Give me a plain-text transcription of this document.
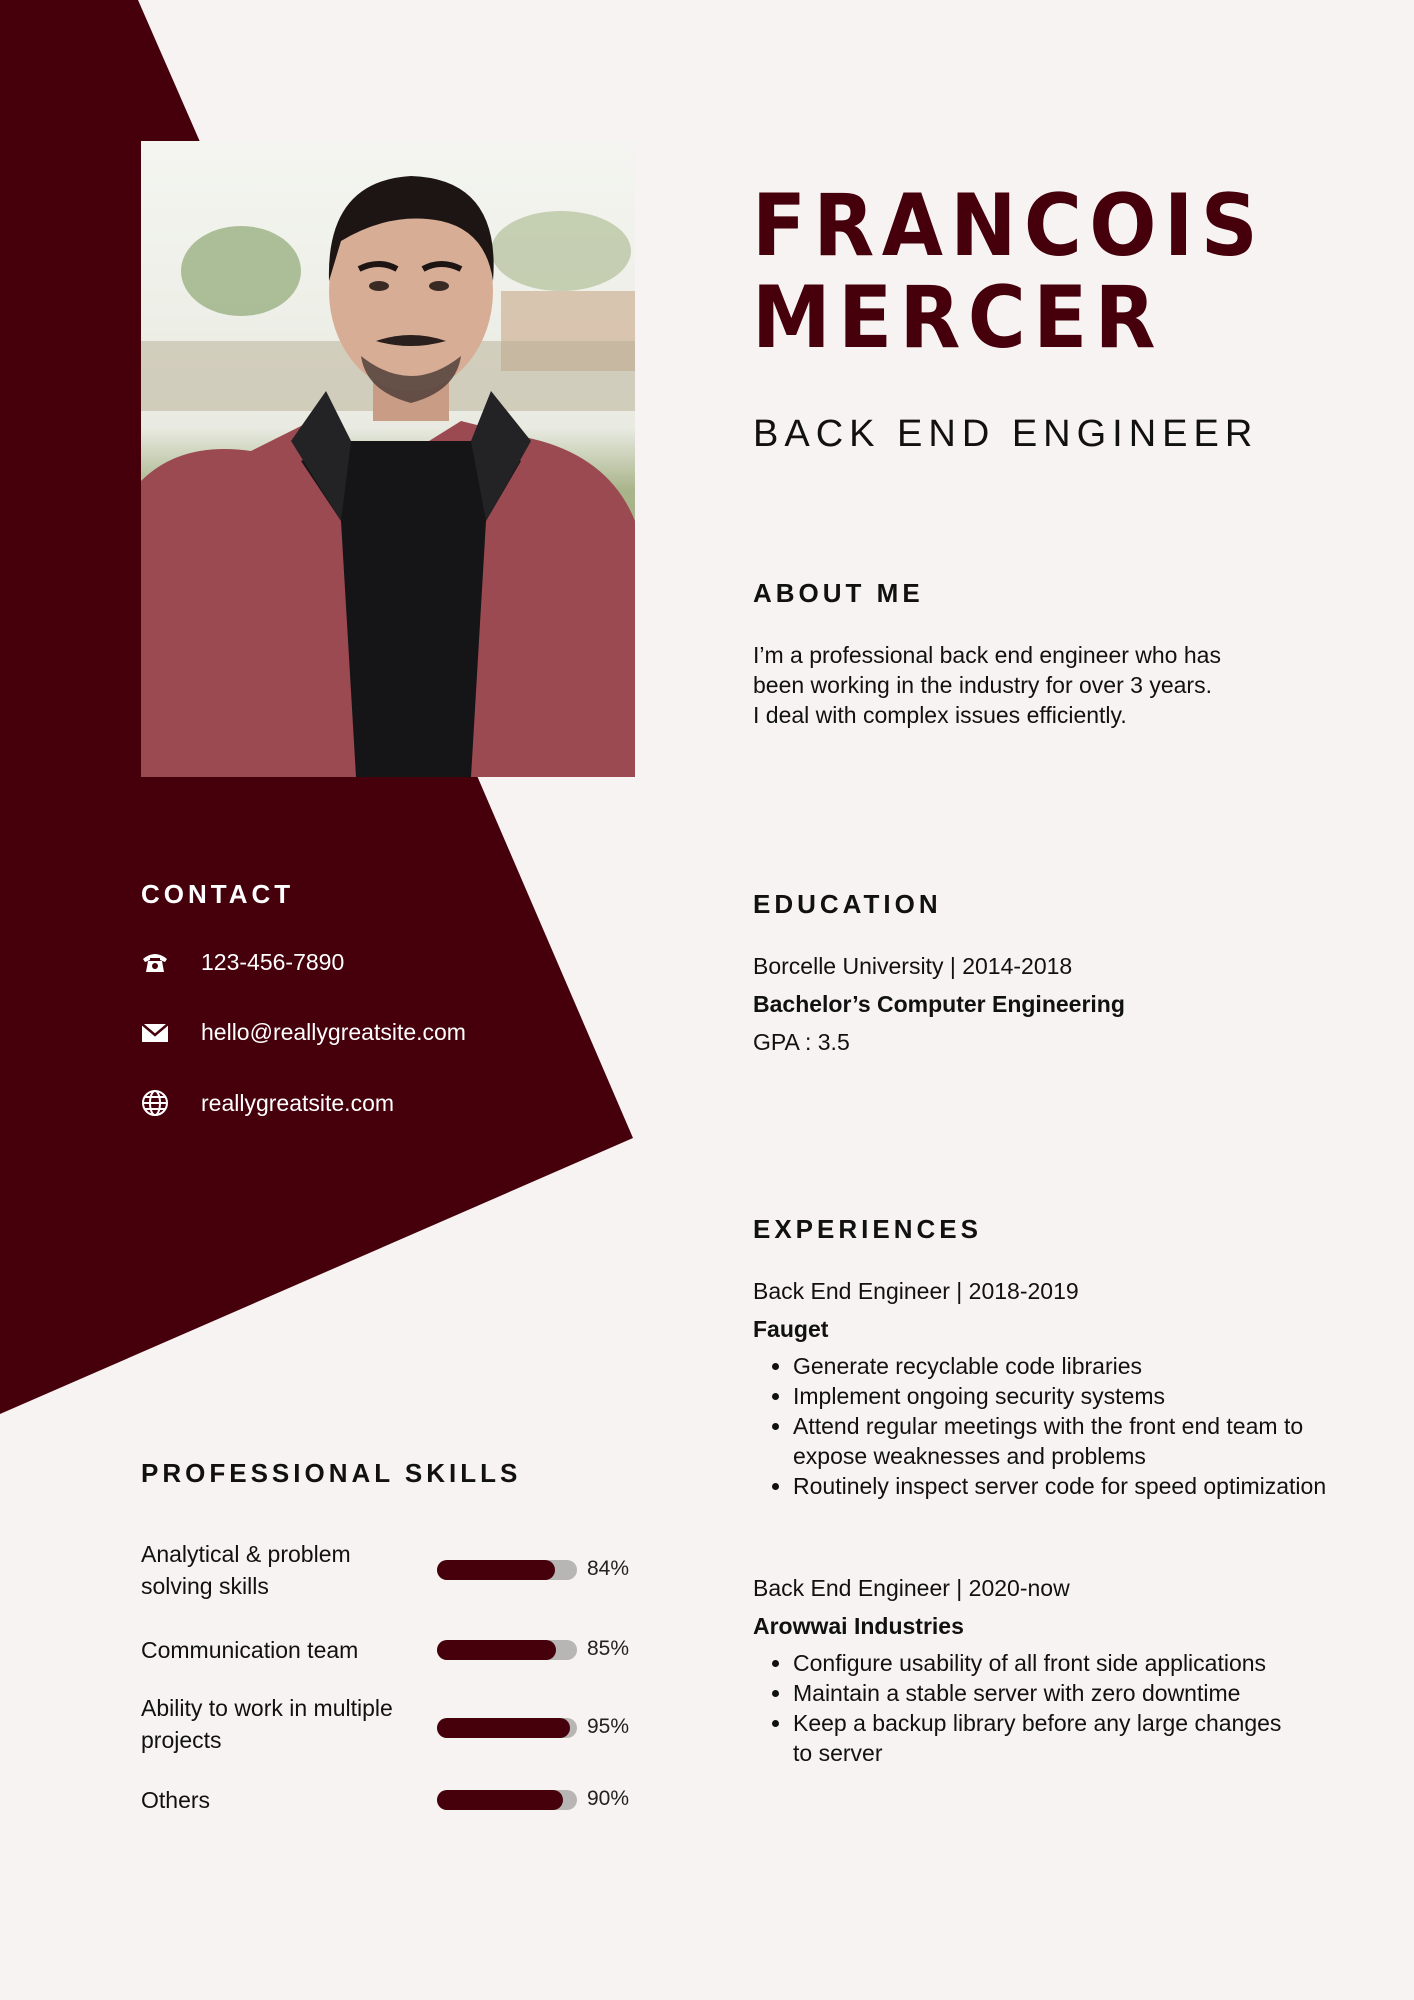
FRANCOIS
MERCER
BACK END ENGINEER
ABOUT ME
I’m a professional back end engineer who has
been working in the industry for over 3 years.
I deal with complex issues efficiently.
CONTACT
123-456-7890
hello@reallygreatsite.com
reallygreatsite.com
EDUCATION
Borcelle University | 2014-2018
Bachelor’s Computer Engineering
GPA : 3.5
EXPERIENCES
Back End Engineer | 2018-2019
Fauget
• Generate recyclable code libraries
• Implement ongoing security systems
• Attend regular meetings with the front end team to expose weaknesses and problems
• Routinely inspect server code for speed optimization
Back End Engineer | 2020-now
Arowwai Industries
• Configure usability of all front side applications
• Maintain a stable server with zero downtime
• Keep a backup library before any large changes to server
PROFESSIONAL SKILLS
Analytical & problem solving skills
84%
Communication team	85%
Ability to work in multiple projects
95%
Others	90%
